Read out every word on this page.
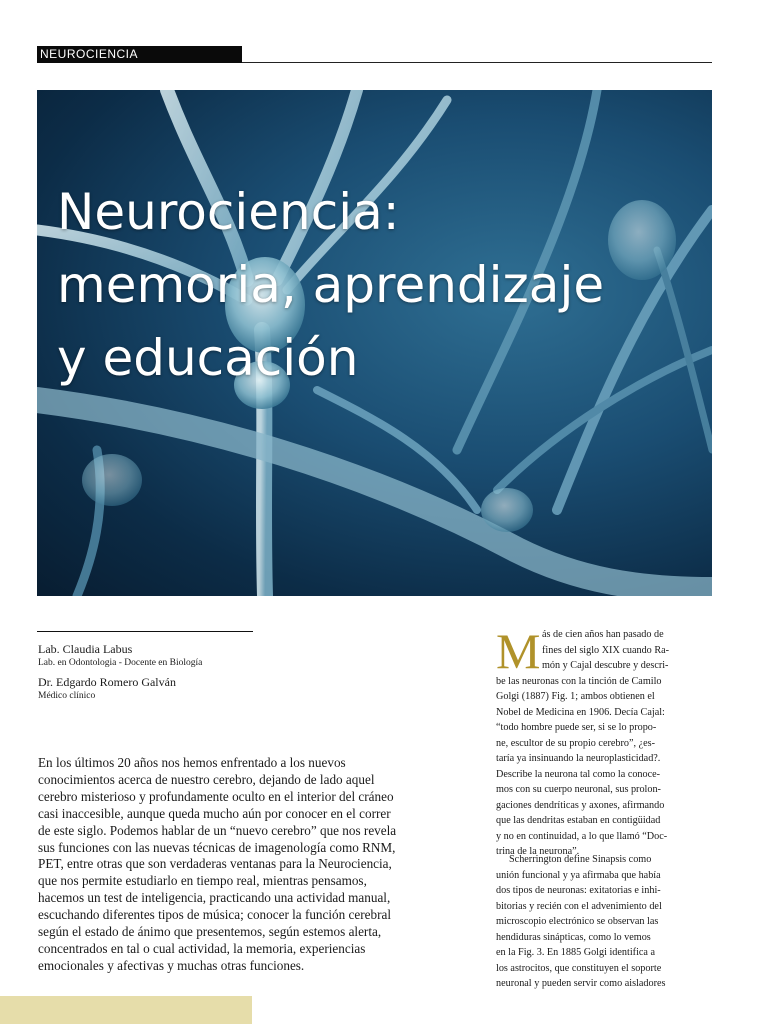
NEUROCIENCIA
Neurociencia:
memoria, aprendizaje
y educación
Lab. Claudia Labus
Lab. en Odontologia - Docente en Biología
Dr. Edgardo Romero Galván
Médico clínico

En los últimos 20 años nos hemos enfrentado a los nuevos
conocimientos acerca de nuestro cerebro, dejando de lado aquel
cerebro misterioso y profundamente oculto en el interior del cráneo
casi inaccesible, aunque queda mucho aún por conocer en el correr
de este siglo. Podemos hablar de un “nuevo cerebro” que nos revela
sus funciones con las nuevas técnicas de imagenología como RNM,
PET, entre otras que son verdaderas ventanas para la Neurociencia,
que nos permite estudiarlo en tiempo real, mientras pensamos,
hacemos un test de inteligencia, practicando una actividad manual,
escuchando diferentes tipos de música; conocer la función cerebral
según el estado de ánimo que presentemos, según estemos alerta,
concentrados en tal o cual actividad, la memoria, experiencias
emocionales y afectivas y muchas otras funciones.

M ás de cien años han pasado de
fines del siglo XIX cuando Ra-
món y Cajal descubre y descri-
be las neuronas con la tinción de Camilo
Golgi (1887) Fig. 1; ambos obtienen el
Nobel de Medicina en 1906. Decía Cajal:
“todo hombre puede ser, si se lo propo-
ne, escultor de su propio cerebro”, ¿es-
taría ya insinuando la neuroplasticidad?.
Describe la neurona tal como la conoce-
mos con su cuerpo neuronal, sus prolon-
gaciones dendríticas y axones, afirmando
que las dendritas estaban en contigüidad
y no en continuidad, a lo que llamó “Doc-
trina de la neurona”.
Scherrington define Sinapsis como
unión funcional y ya afirmaba que había
dos tipos de neuronas: exitatorias e inhi-
bitorias y recién con el advenimiento del
microscopio electrónico se observan las
hendiduras sinápticas, como lo vemos
en la Fig. 3. En 1885 Golgi identifica a
los astrocitos, que constituyen el soporte
neuronal y pueden servir como aisladores
